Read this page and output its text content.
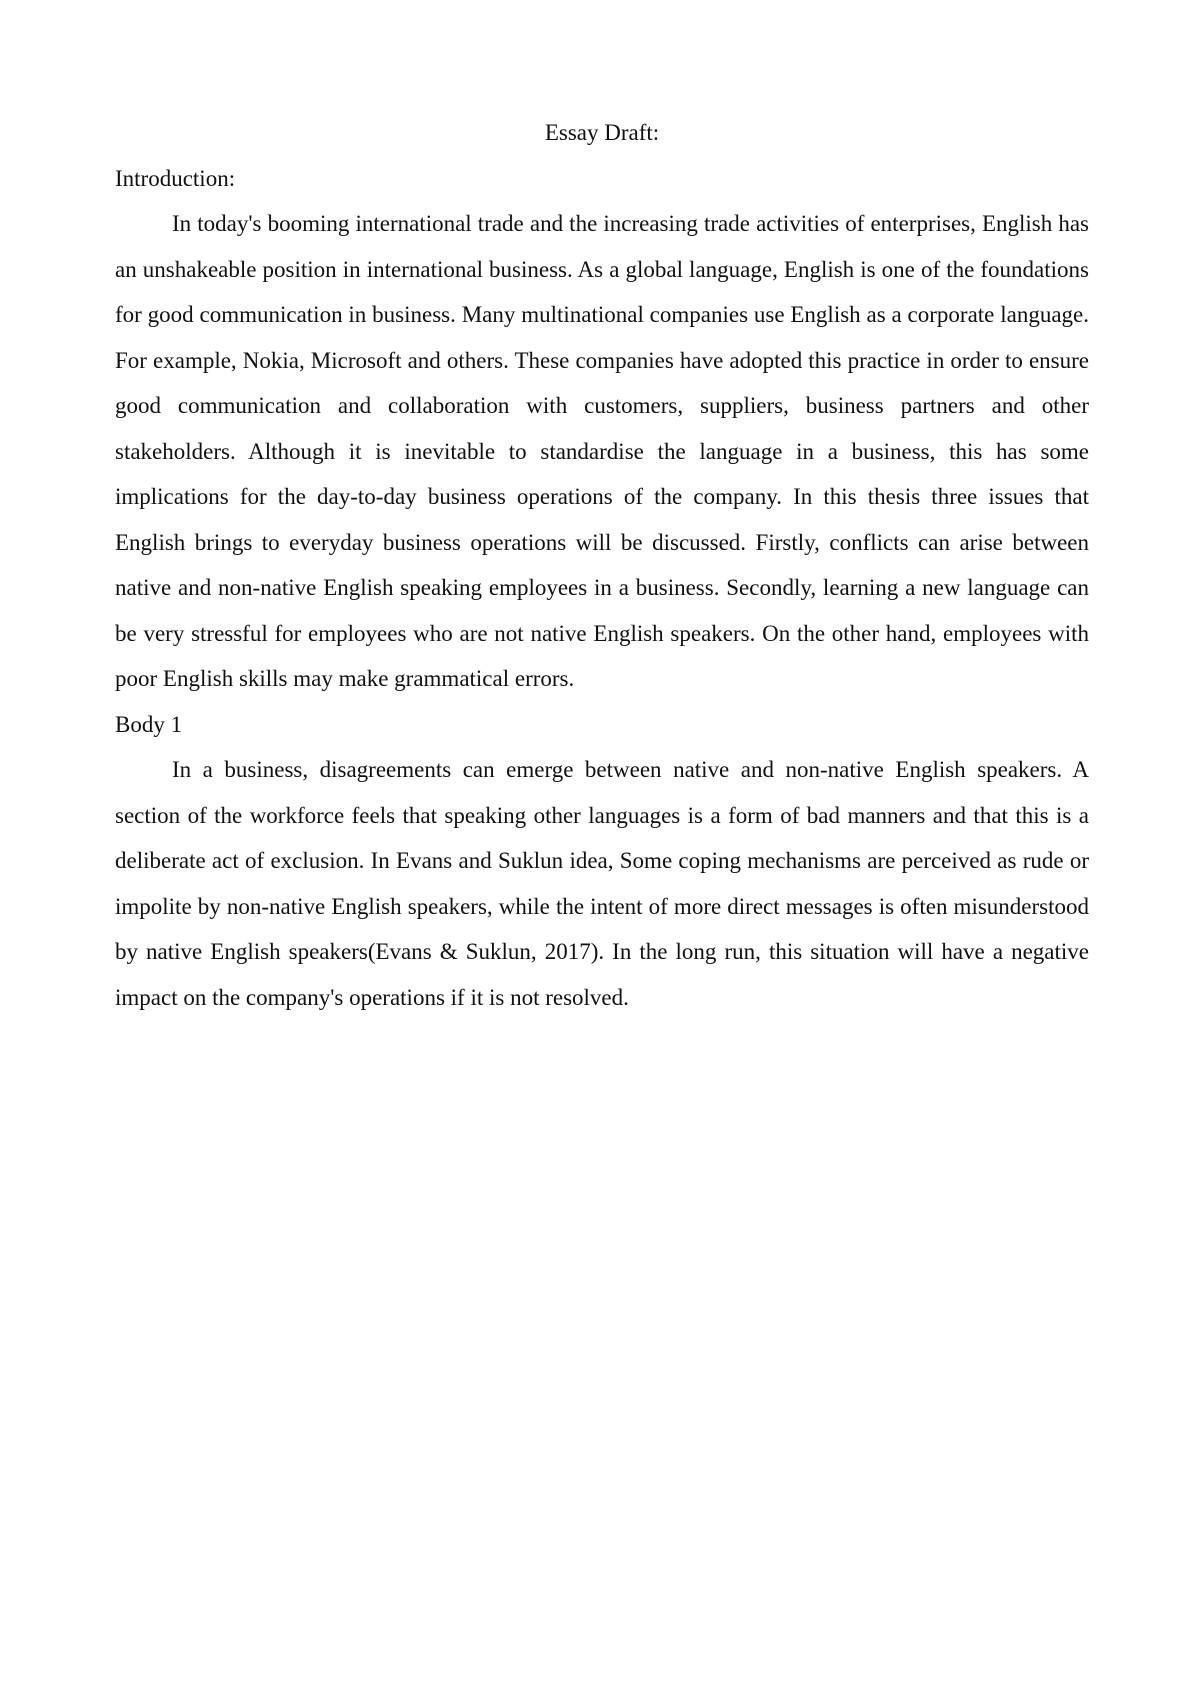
Essay Draft:
Introduction:

In today's booming international trade and the increasing trade activities of enterprises, English has an unshakeable position in international business. As a global language, English is one of the foundations for good communication in business. Many multinational companies use English as a corporate language. For example, Nokia, Microsoft and others. These companies have adopted this practice in order to ensure good communication and collaboration with customers, suppliers, business partners and other stakeholders. Although it is inevitable to standardise the language in a business, this has some implications for the day-to-day business operations of the company. In this thesis three issues that English brings to everyday business operations will be discussed. Firstly, conflicts can arise between native and non-native English speaking employees in a business. Secondly, learning a new language can be very stressful for employees who are not native English speakers. On the other hand, employees with poor English skills may make grammatical errors.

Body 1

In a business, disagreements can emerge between native and non-native English speakers. A section of the workforce feels that speaking other languages is a form of bad manners and that this is a deliberate act of exclusion. In Evans and Suklun idea, Some coping mechanisms are perceived as rude or impolite by non-native English speakers, while the intent of more direct messages is often misunderstood by native English speakers(Evans & Suklun, 2017). In the long run, this situation will have a negative impact on the company's operations if it is not resolved.
